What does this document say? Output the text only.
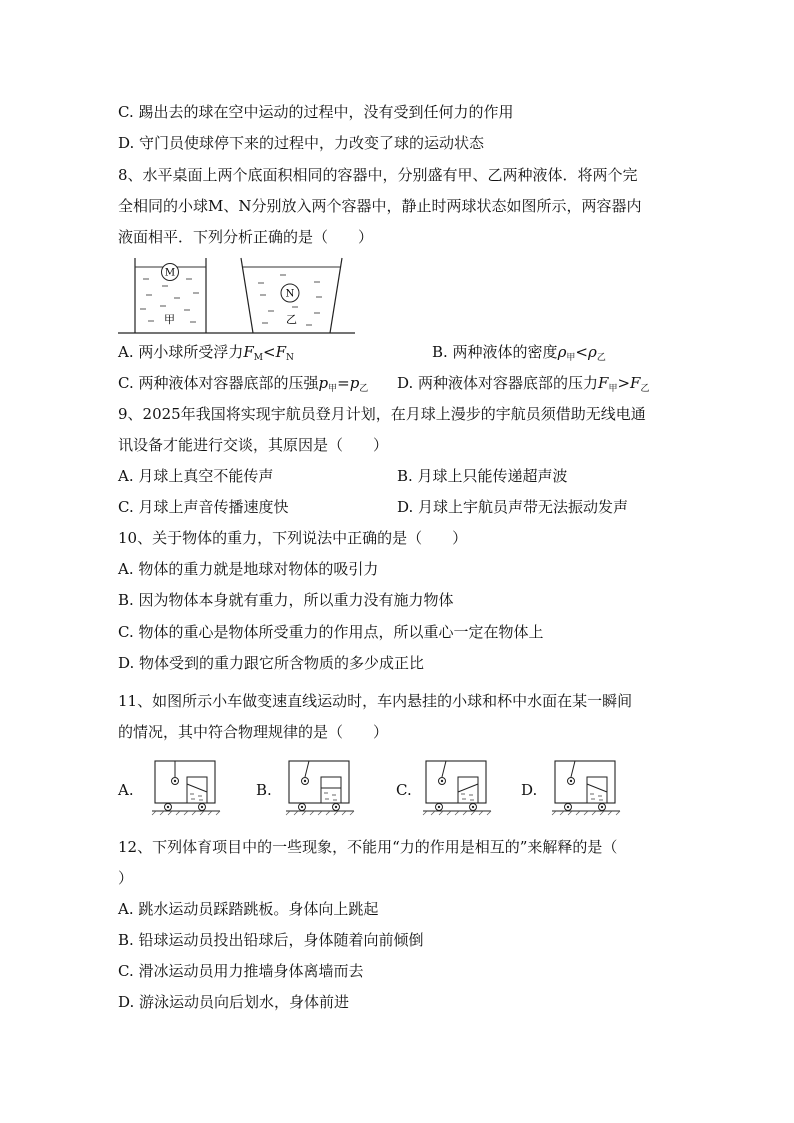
C. 踢出去的球在空中运动的过程中，没有受到任何力的作用
D. 守门员使球停下来的过程中，力改变了球的运动状态
8、水平桌面上两个底面积相同的容器中，分别盛有甲、乙两种液体．将两个完
全相同的小球M、N分别放入两个容器中，静止时两球状态如图所示，两容器内
液面相平．下列分析正确的是（　　）
M
甲
N
乙
A. 两小球所受浮力$F_M<F_N$	B. 两种液体的密度$\rho_甲<\rho_乙$
C. 两种液体对容器底部的压强$p_甲=p_乙$ D. 两种液体对容器底部的压力$F_甲>F_乙$
9、2025年我国将实现宇航员登月计划，在月球上漫步的宇航员须借助无线电通
讯设备才能进行交谈，其原因是（　　）
A. 月球上真空不能传声	B. 月球上只能传递超声波
C. 月球上声音传播速度快	D. 月球上宇航员声带无法振动发声
10、关于物体的重力，下列说法中正确的是（　　）
A. 物体的重力就是地球对物体的吸引力
B. 因为物体本身就有重力，所以重力没有施力物体
C. 物体的重心是物体所受重力的作用点，所以重心一定在物体上
D. 物体受到的重力跟它所含物质的多少成正比
11、如图所示小车做变速直线运动时，车内悬挂的小球和杯中水面在某一瞬间
的情况，其中符合物理规律的是（　　）
A.	B.	C.	D.
12、下列体育项目中的一些现象，不能用“力的作用是相互的”来解释的是（
）
A. 跳水运动员踩踏跳板。身体向上跳起
B. 铅球运动员投出铅球后，身体随着向前倾倒
C. 滑冰运动员用力推墙身体离墙而去
D. 游泳运动员向后划水，身体前进
